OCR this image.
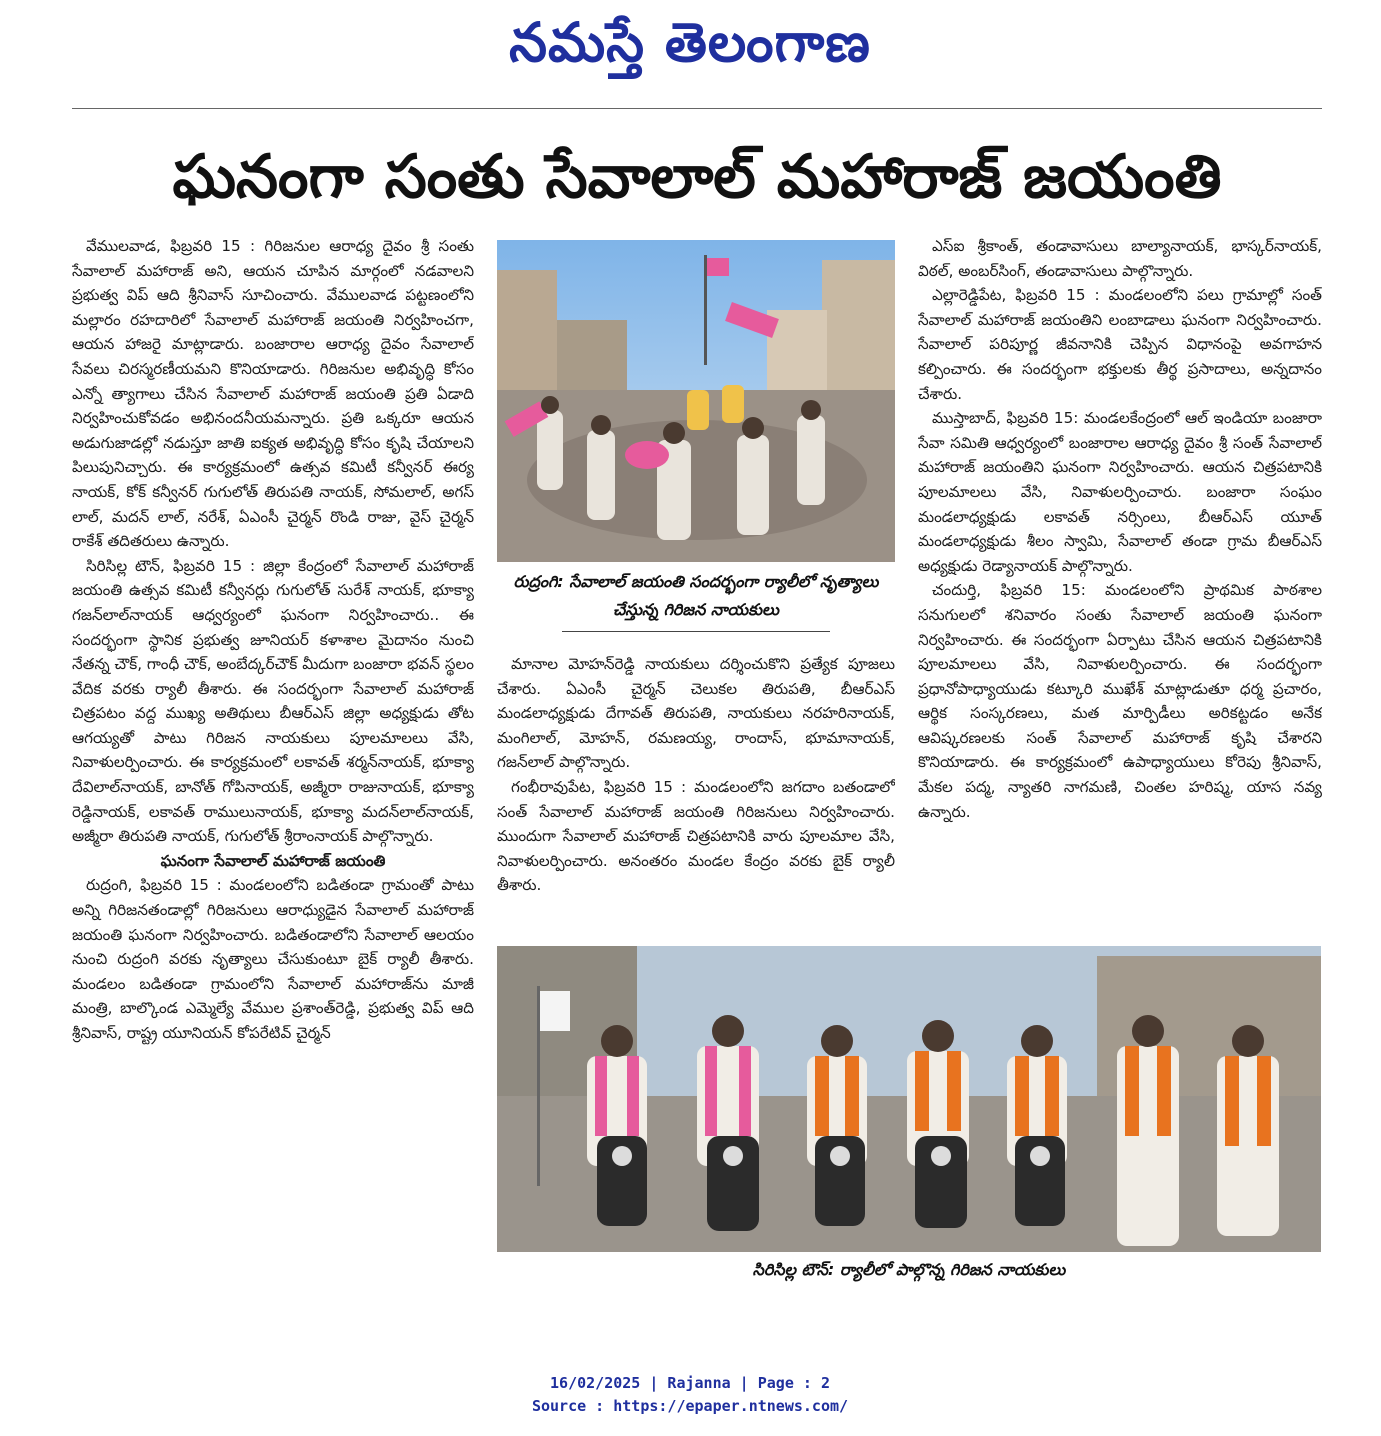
నమస్తే తెలంగాణ
ఘనంగా సంతు సేవాలాల్ మహారాజ్ జయంతి

వేములవాడ, ఫిబ్రవరి 15 : గిరిజనుల ఆరాధ్య దైవం శ్రీ సంతు సేవాలాల్ మహారాజ్ అని, ఆయన చూపిన మార్గంలో నడవాలని ప్రభుత్వ విప్ ఆది శ్రీనివాస్ సూచించారు. వేములవాడ పట్టణంలోని మల్లారం రహదారిలో సేవాలాల్ మహారాజ్ జయంతి నిర్వహించగా, ఆయన హాజరై మాట్లాడారు. బంజారాల ఆరాధ్య దైవం సేవాలాల్ సేవలు చిరస్మరణీయమని కొనియాడారు. గిరిజనుల అభివృద్ధి కోసం ఎన్నో త్యాగాలు చేసిన సేవాలాల్ మహారాజ్ జయంతి ప్రతి ఏడాది నిర్వహించుకోవడం అభినందనీయమన్నారు. ప్రతి ఒక్కరూ ఆయన అడుగుజాడల్లో నడుస్తూ జాతి ఐక్యత అభివృద్ధి కోసం కృషి చేయాలని పిలుపునిచ్చారు. ఈ కార్యక్రమంలో ఉత్సవ కమిటీ కన్వీనర్ ఈర్య నాయక్, కోక్ కన్వీనర్ గుగులోత్ తిరుపతి నాయక్, సోమలాల్, అగస్ లాల్, మదన్ లాల్, నరేశ్, ఏఎంసీ చైర్మన్ రొండి రాజు, వైస్ చైర్మన్ రాకేశ్ తదితరులు ఉన్నారు.

సిరిసిల్ల టౌన్, ఫిబ్రవరి 15 : జిల్లా కేంద్రంలో సేవాలాల్ మహారాజ్ జయంతి ఉత్సవ కమిటీ కన్వీనర్లు గుగులోత్ సురేశ్ నాయక్, భూక్యా గజన్‌లాల్‌నాయక్ ఆధ్వర్యంలో ఘనంగా నిర్వహించారు.. ఈ సందర్భంగా స్థానిక ప్రభుత్వ జూనియర్ కళాశాల మైదానం నుంచి నేతన్న చౌక్, గాంధీ చౌక్, అంబేద్కర్‌చౌక్ మీదుగా బంజారా భవన్ స్థలం వేదిక వరకు ర్యాలీ తీశారు. ఈ సందర్భంగా సేవాలాల్ మహారాజ్ చిత్రపటం వద్ద ముఖ్య అతిథులు బీఆర్ఎస్ జిల్లా అధ్యక్షుడు తోట ఆగయ్యతో పాటు గిరిజన నాయకులు పూలమాలలు వేసి, నివాళులర్పించారు. ఈ కార్యక్రమంలో లకావత్ శర్మన్‌నాయక్, భూక్యా దేవిలాల్‌నాయక్, బానోత్ గోపినాయక్, అజ్మీరా రాజునాయక్, భూక్యా రెడ్డినాయక్, లకావత్ రాములునాయక్, భూక్యా మదన్‌లాల్‌నాయక్, అజ్మీరా తిరుపతి నాయక్, గుగులోత్ శ్రీరాంనాయక్ పాల్గొన్నారు.

ఘనంగా సేవాలాల్ మహారాజ్ జయంతి

రుద్రంగి, ఫిబ్రవరి 15 : మండలంలోని బడితండా గ్రామంతో పాటు అన్ని గిరిజనతండాల్లో గిరిజనులు ఆరాధ్యుడైన సేవాలాల్ మహారాజ్ జయంతి ఘనంగా నిర్వహించారు. బడితండాలోని సేవాలాల్ ఆలయం నుంచి రుద్రంగి వరకు నృత్యాలు చేసుకుంటూ బైక్ ర్యాలీ తీశారు. మండలం బడితండా గ్రామంలోని సేవాలాల్ మహారాజ్‌ను మాజీ మంత్రి, బాల్కొండ ఎమ్మెల్యే వేముల ప్రశాంత్‌రెడ్డి, ప్రభుత్వ విప్ ఆది శ్రీనివాస్, రాష్ట్ర యూనియన్ కోపరేటివ్ చైర్మన్

రుద్రంగి: సేవాలాల్ జయంతి సందర్భంగా ర్యాలీలో నృత్యాలు చేస్తున్న గిరిజన నాయకులు

మానాల మోహన్‌రెడ్డి నాయకులు దర్శించుకొని ప్రత్యేక పూజలు చేశారు. ఏఎంసీ చైర్మన్ చెలుకల తిరుపతి, బీఆర్ఎస్ మండలాధ్యక్షుడు దేగావత్ తిరుపతి, నాయకులు నరహరినాయక్, మంగిలాల్, మోహన్, రమణయ్య, రాందాస్, భూమానాయక్, గజన్‌లాల్ పాల్గొన్నారు.

గంభీరావుపేట, ఫిబ్రవరి 15 : మండలంలోని జగదాం బతండాలో సంత్ సేవాలాల్ మహారాజ్ జయంతి గిరిజనులు నిర్వహించారు. ముందుగా సేవాలాల్ మహారాజ్ చిత్రపటానికి వారు పూలమాల వేసి, నివాళులర్పించారు. అనంతరం మండల కేంద్రం వరకు బైక్ ర్యాలీ తీశారు.

ఎస్ఐ శ్రీకాంత్, తండావాసులు బాల్యానాయక్, భాస్కర్‌నాయక్, విఠల్, అంబర్‌సింగ్, తండావాసులు పాల్గొన్నారు.

ఎల్లారెడ్డిపేట, ఫిబ్రవరి 15 : మండలంలోని పలు గ్రామాల్లో సంత్ సేవాలాల్ మహారాజ్ జయంతిని లంబాడాలు ఘనంగా నిర్వహించారు. సేవాలాల్ పరిపూర్ణ జీవనానికి చెప్పిన విధానంపై అవగాహన కల్పించారు. ఈ సందర్భంగా భక్తులకు తీర్థ ప్రసాదాలు, అన్నదానం చేశారు.

ముస్తాబాద్, ఫిబ్రవరి 15: మండలకేంద్రంలో ఆల్ ఇండియా బంజారా సేవా సమితి ఆధ్వర్యంలో బంజారాల ఆరాధ్య దైవం శ్రీ సంత్ సేవాలాల్ మహారాజ్ జయంతిని ఘనంగా నిర్వహించారు. ఆయన చిత్రపటానికి పూలమాలలు వేసి, నివాళులర్పించారు. బంజారా సంఘం మండలాధ్యక్షుడు లకావత్ నర్సింలు, బీఆర్ఎస్ యూత్ మండలాధ్యక్షుడు శీలం స్వామి, సేవాలాల్ తండా గ్రామ బీఆర్ఎస్ అధ్యక్షుడు రెడ్యానాయక్ పాల్గొన్నారు.

చందుర్తి, ఫిబ్రవరి 15: మండలంలోని ప్రాథమిక పాఠశాల సనుగులలో శనివారం సంతు సేవాలాల్ జయంతి ఘనంగా నిర్వహించారు. ఈ సందర్భంగా ఏర్పాటు చేసిన ఆయన చిత్రపటానికి పూలమాలలు వేసి, నివాళులర్పించారు. ఈ సందర్భంగా ప్రధానోపాధ్యాయుడు కట్కూరి ముఖేశ్ మాట్లాడుతూ ధర్మ ప్రచారం, ఆర్థిక సంస్కరణలు, మత మార్పిడీలు అరికట్టడం అనేక ఆవిష్కరణలకు సంత్ సేవాలాల్ మహారాజ్ కృషి చేశారని కొనియాడారు. ఈ కార్యక్రమంలో ఉపాధ్యాయులు కోరెపు శ్రీనివాస్, మేకల పద్మ, న్యాతరి నాగమణి, చింతల హరిష్మ, యాస నవ్య ఉన్నారు.

సిరిసిల్ల టౌన్: ర్యాలీలో పాల్గొన్న గిరిజన నాయకులు
16/02/2025 | Rajanna | Page : 2
Source : https://epaper.ntnews.com/
